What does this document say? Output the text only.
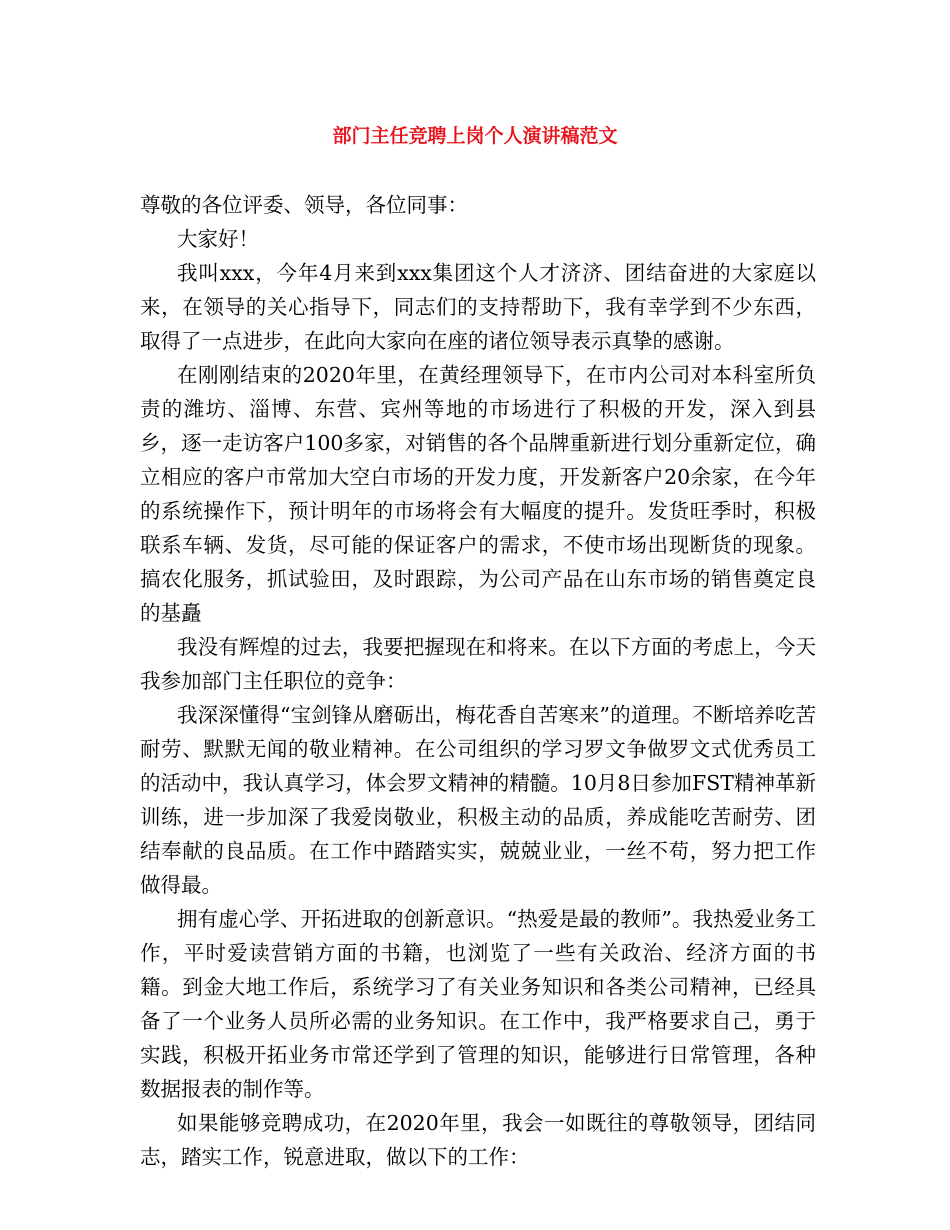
部门主任竞聘上岗个人演讲稿范文

尊敬的各位评委、领导，各位同事：

大家好！

我叫xxx，今年4月来到xxx集团这个人才济济、团结奋进的大家庭以来，在领导的关心指导下，同志们的支持帮助下，我有幸学到不少东西，取得了一点进步，在此向大家向在座的诸位领导表示真挚的感谢。

在刚刚结束的2020年里，在黄经理领导下，在市内公司对本科室所负责的潍坊、淄博、东营、宾州等地的市场进行了积极的开发，深入到县乡，逐一走访客户100多家，对销售的各个品牌重新进行划分重新定位，确立相应的客户市常加大空白市场的开发力度，开发新客户20余家，在今年的系统操作下，预计明年的市场将会有大幅度的提升。发货旺季时，积极联系车辆、发货，尽可能的保证客户的需求，不使市场出现断货的现象。搞农化服务，抓试验田，及时跟踪，为公司产品在山东市场的销售奠定良的基矗

我没有辉煌的过去，我要把握现在和将来。在以下方面的考虑上，今天我参加部门主任职位的竞争：

我深深懂得“宝剑锋从磨砺出，梅花香自苦寒来”的道理。不断培养吃苦耐劳、默默无闻的敬业精神。在公司组织的学习罗文争做罗文式优秀员工的活动中，我认真学习，体会罗文精神的精髓。10月8日参加FST精神革新训练，进一步加深了我爱岗敬业，积极主动的品质，养成能吃苦耐劳、团结奉献的良品质。在工作中踏踏实实，兢兢业业，一丝不苟，努力把工作做得最。

拥有虚心学、开拓进取的创新意识。“热爱是最的教师”。我热爱业务工作，平时爱读营销方面的书籍，也浏览了一些有关政治、经济方面的书籍。到金大地工作后，系统学习了有关业务知识和各类公司精神，已经具备了一个业务人员所必需的业务知识。在工作中，我严格要求自己，勇于实践，积极开拓业务市常还学到了管理的知识，能够进行日常管理，各种数据报表的制作等。

如果能够竞聘成功，在2020年里，我会一如既往的尊敬领导，团结同志，踏实工作，锐意进取，做以下的工作：
